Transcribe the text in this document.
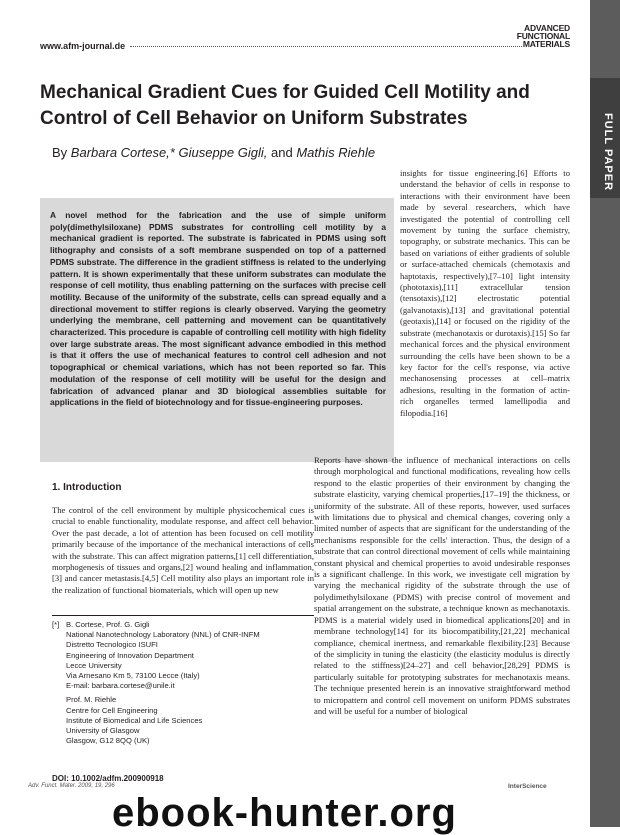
www.afm-journal.de
ADVANCED
FUNCTIONAL
MATERIALS
FULL PAPER
Mechanical Gradient Cues for Guided Cell Motility and Control of Cell Behavior on Uniform Substrates
By Barbara Cortese,* Giuseppe Gigli, and Mathis Riehle

A novel method for the fabrication and the use of simple uniform poly(dimethylsiloxane) PDMS substrates for controlling cell motility by a mechanical gradient is reported. The substrate is fabricated in PDMS using soft lithography and consists of a soft membrane suspended on top of a patterned PDMS substrate. The difference in the gradient stiffness is related to the underlying pattern. It is shown experimentally that these uniform substrates can modulate the response of cell motility, thus enabling patterning on the surfaces with precise cell motility. Because of the uniformity of the substrate, cells can spread equally and a directional movement to stiffer regions is clearly observed. Varying the geometry underlying the membrane, cell patterning and movement can be quantitatively characterized. This procedure is capable of controlling cell motility with high fidelity over large substrate areas. The most significant advance embodied in this method is that it offers the use of mechanical features to control cell adhesion and not topographical or chemical variations, which has not been reported so far. This modulation of the response of cell motility will be useful for the design and fabrication of advanced planar and 3D biological assemblies suitable for applications in the field of biotechnology and for tissue-engineering purposes.

insights for tissue engineering.[6] Efforts to understand the behavior of cells in response to interactions with their environment have been made by several researchers, which have investigated the potential of controlling cell movement by tuning the surface chemistry, topography, or substrate mechanics. This can be based on variations of either gradients of soluble or surface-attached chemicals (chemotaxis and haptotaxis, respectively),[7–10] light intensity (phototaxis),[11] extracellular tension (tensotaxis),[12] electrostatic potential (galvanotaxis),[13] and gravitational potential (geotaxis),[14] or focused on the rigidity of the substrate (mechanotaxis or durotaxis).[15] So far mechanical forces and the physical environment surrounding the cells have been shown to be a key factor for the cell's response, via active mechanosensing processes at cell–matrix adhesions, resulting in the formation of actin-rich organelles termed lamellipodia and filopodia.[16]

1. Introduction

The control of the cell environment by multiple physicochemical cues is crucial to enable functionality, modulate response, and affect cell behavior. Over the past decade, a lot of attention has been focused on cell motility primarily because of the importance of the mechanical interactions of cells with the substrate. This can affect migration patterns,[1] cell differentiation, morphogenesis of tissues and organs,[2] wound healing and inflammation,[3] and cancer metastasis.[4,5] Cell motility also plays an important role in the realization of functional biomaterials, which will open up new

Reports have shown the influence of mechanical interactions on cells through morphological and functional modifications, revealing how cells respond to the elastic properties of their environment by changing the substrate elasticity, varying chemical properties,[17–19] the thickness, or uniformity of the substrate. All of these reports, however, used surfaces with limitations due to physical and chemical changes, covering only a limited number of aspects that are significant for the understanding of the mechanisms responsible for the cells' interaction. Thus, the design of a substrate that can control directional movement of cells while maintaining constant physical and chemical properties to avoid undesirable responses is a significant challenge. In this work, we investigate cell migration by varying the mechanical rigidity of the substrate through the use of polydimethylsiloxane (PDMS) with precise control of movement and spatial arrangement on the substrate, a technique known as mechanotaxis. PDMS is a material widely used in biomedical applications[20] and in membrane technology[14] for its biocompatibility,[21,22] mechanical compliance, chemical inertness, and remarkable flexibility.[23] Because of the simplicity in tuning the elasticity (the elasticity modulus is directly related to the stiffness)[24–27] and cell behavior,[28,29] PDMS is particularly suitable for prototyping substrates for mechanotaxis means. The technique presented herein is an innovative straightforward method to micropattern and control cell movement on uniform PDMS substrates and will be useful for a number of biological

[*] B. Cortese, Prof. G. Gigli
National Nanotechnology Laboratory (NNL) of CNR-INFM
Distretto Tecnologico ISUFI
Engineering of Innovation Department
Lecce University
Via Arnesano Km 5, 73100 Lecce (Italy)
E-mail: barbara.cortese@unile.it
Prof. M. Riehle
Centre for Cell Engineering
Institute of Biomedical and Life Sciences
University of Glasgow
Glasgow, G12 8QQ (UK)
DOI: 10.1002/adfm.200900918
Adv. Funct. Mater. 2009, 19, 296	InterScience
ebook-hunter.org
